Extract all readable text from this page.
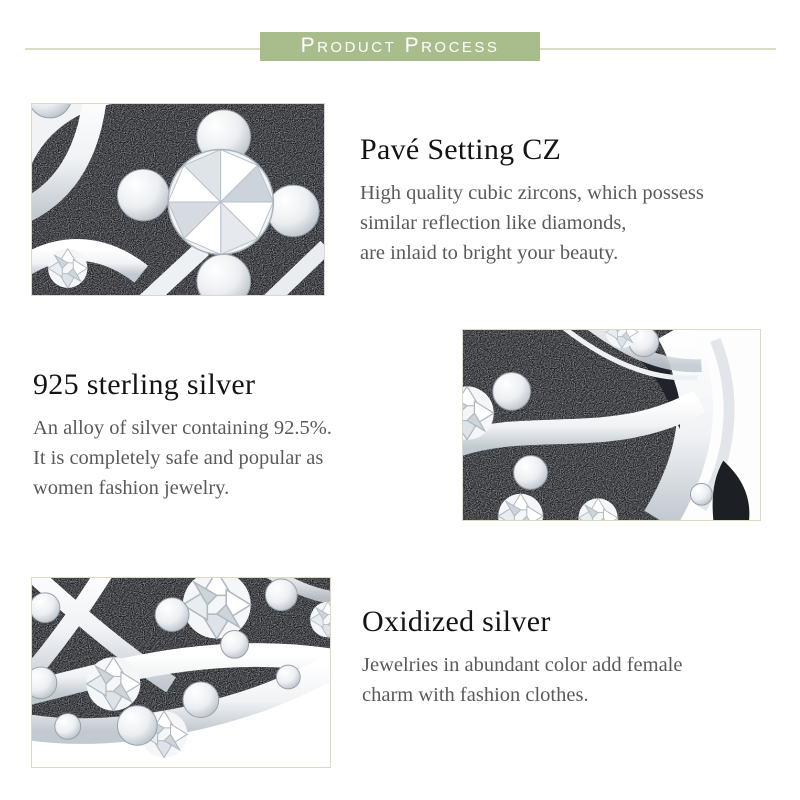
Product Process
Pavé Setting CZ
High quality cubic zircons, which possess
similar reflection like diamonds,
are inlaid to bright your beauty.
925 sterling silver
An alloy of silver containing 92.5%.
It is completely safe and popular as
women fashion jewelry.
Oxidized silver
Jewelries in abundant color add female
charm with fashion clothes.
